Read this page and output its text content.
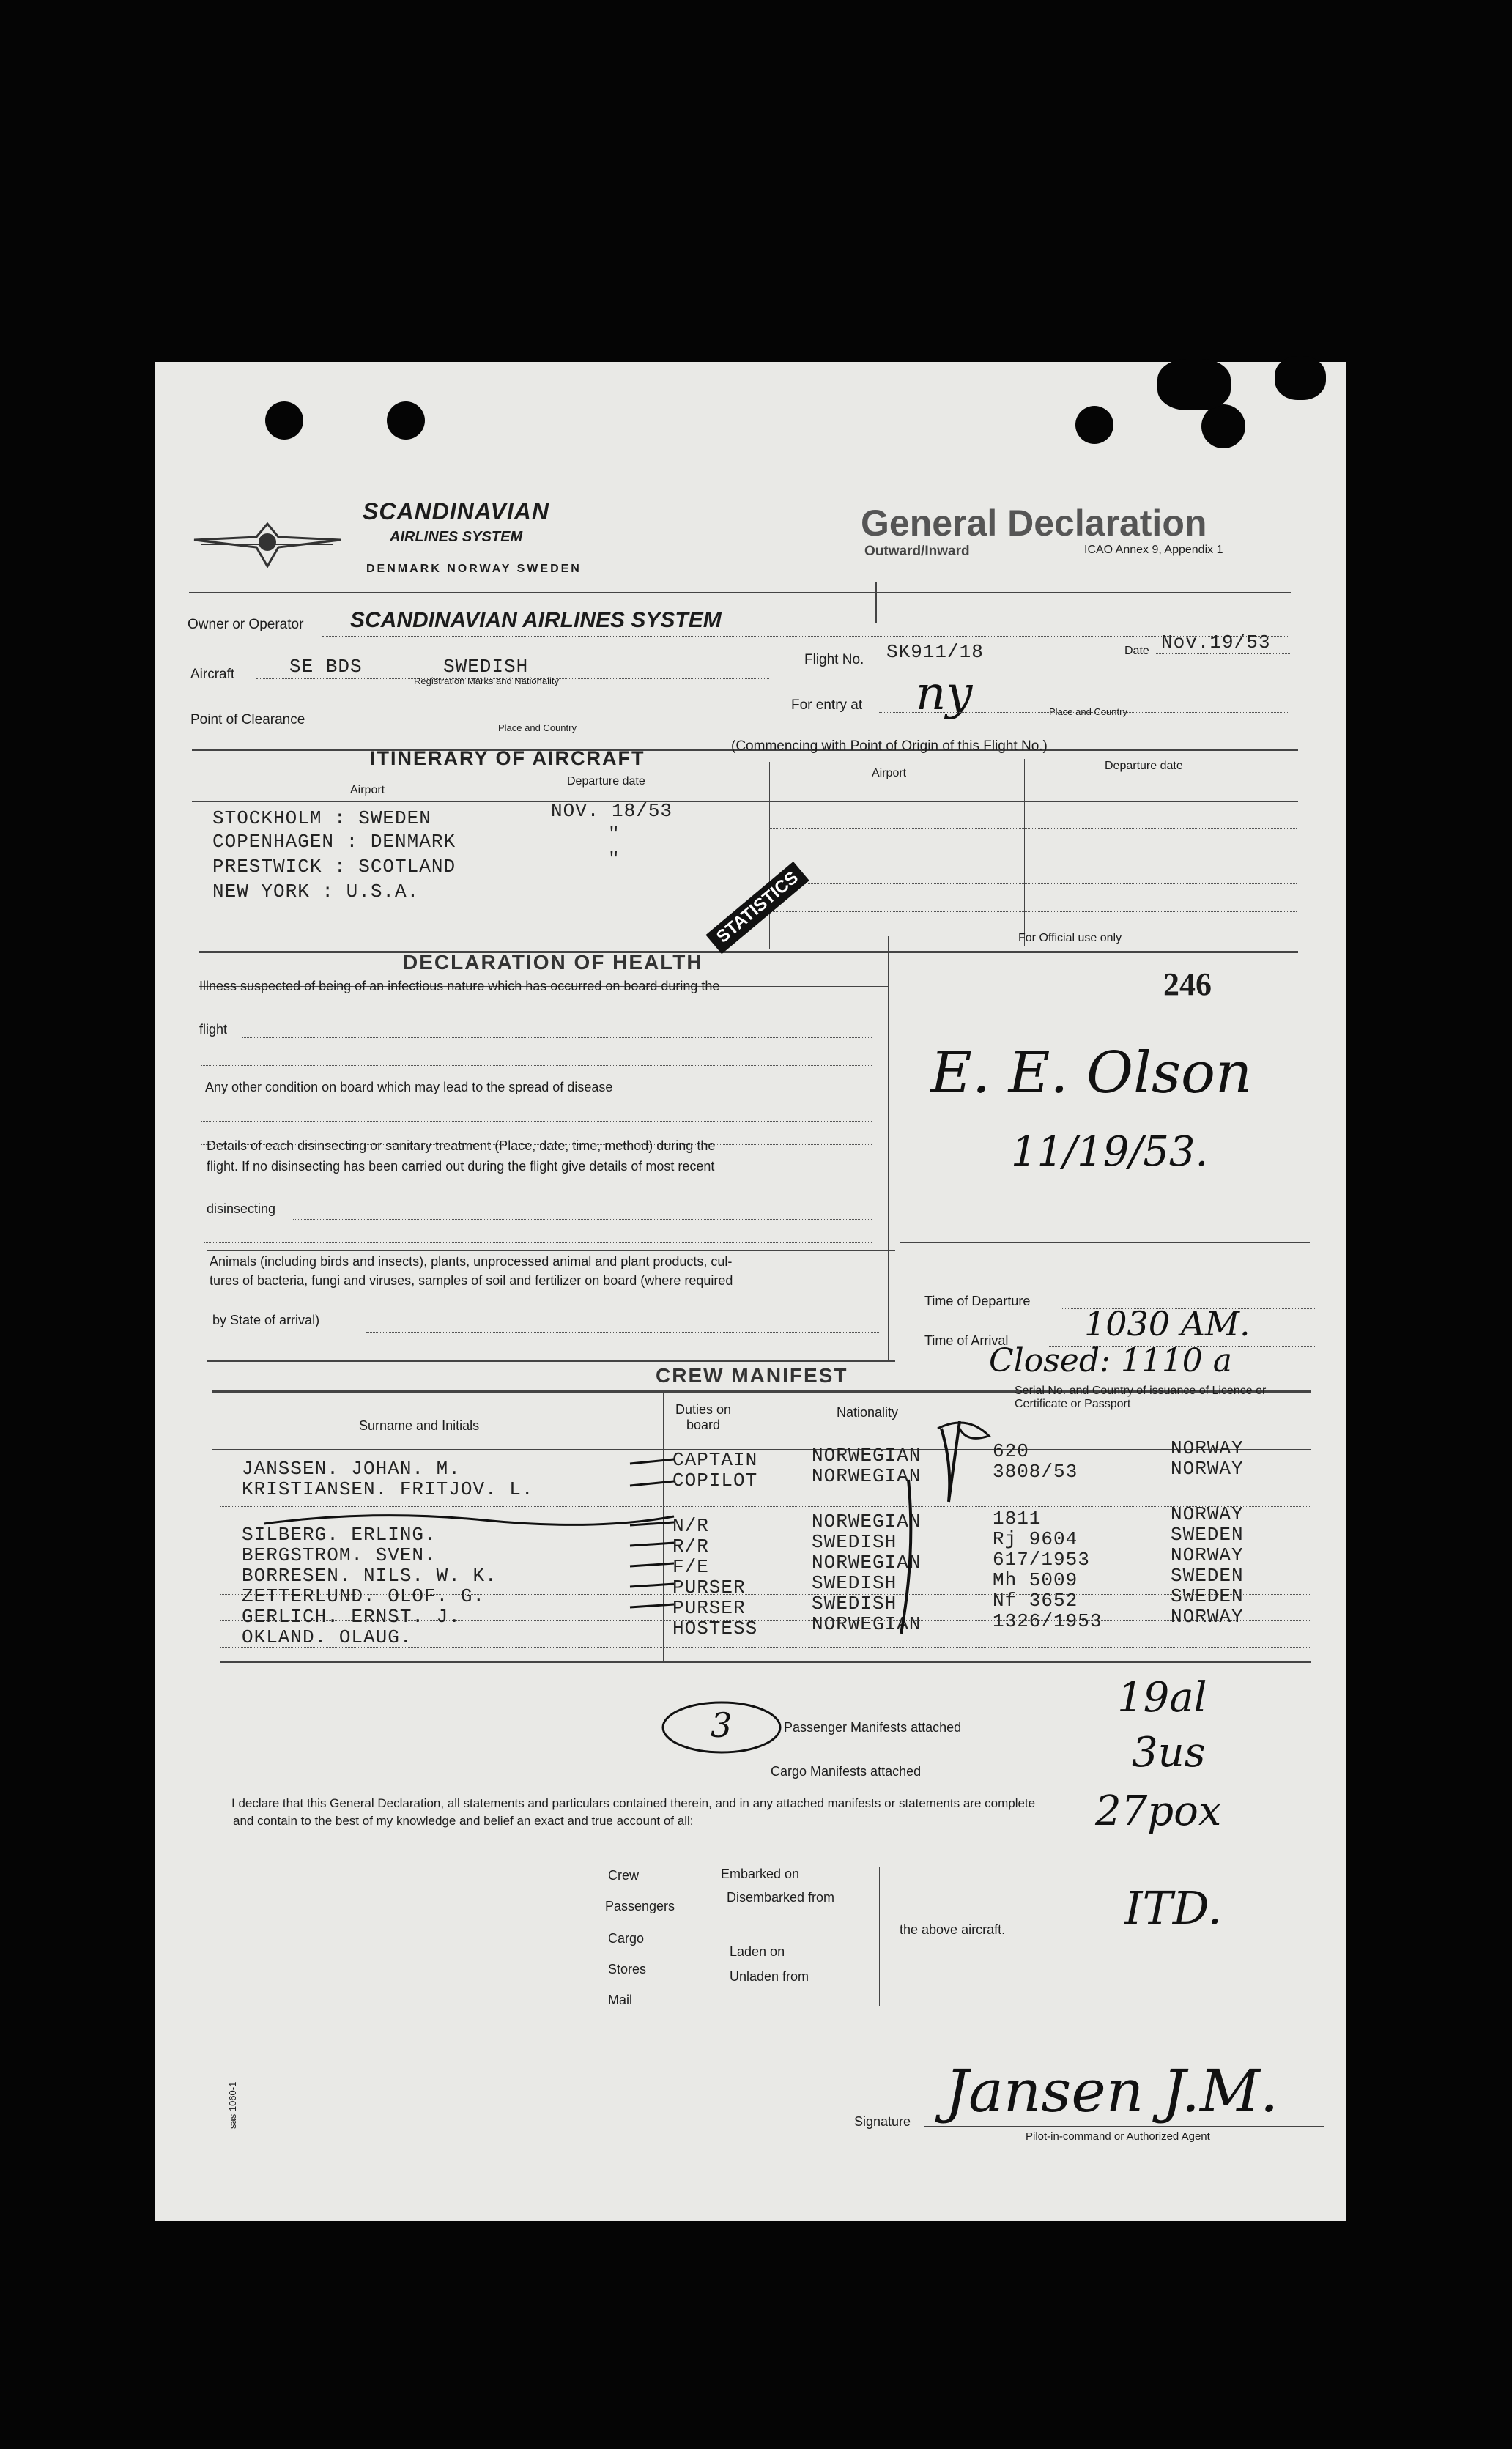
SCANDINAVIAN
AIRLINES SYSTEM
DENMARK NORWAY SWEDEN
General Declaration
Outward/Inward	ICAO Annex 9, Appendix 1
Owner or Operator SCANDINAVIAN AIRLINES SYSTEM
Aircraft	SE BDS	SWEDISH
Registration Marks and Nationality
Flight No. SK911/18	Date Nov.19/53
Point of Clearance
Place and Country
For entry at ny	Place and Country
ITINERARY OF AIRCRAFT
(Commencing with Point of Origin of this Flight No.)
Airport
Departure date
Airport
Departure date
STOCKHOLM : SWEDEN	NOV. 18/53
COPENHAGEN : DENMARK	"
PRESTWICK : SCOTLAND	"
NEW YORK : U.S.A.
For Official use only
DECLARATION OF HEALTH
STATISTICS
Illness suspected of being of an infectious nature which has occurred on board during the
flight
Any other condition on board which may lead to the spread of disease
Details of each disinsecting or sanitary treatment (Place, date, time, method) during the
flight. If no disinsecting has been carried out during the flight give details of most recent
disinsecting
Animals (including birds and insects), plants, unprocessed animal and plant products, cul-
tures of bacteria, fungi and viruses, samples of soil and fertilizer on board (where required
by State of arrival)
246
E. E. Olson
11/19/53.
Time of Departure
Time of Arrival 1030 AM.
Closed: 1110 a
CREW MANIFEST
Surname and Initials
Duties on board
Nationality
Serial No. and Country of issuance of Licence or Certificate or Passport
JANSSEN. JOHAN. M.	CAPTAIN	NORWEGIAN	620	NORWAY
KRISTIANSEN. FRITJOV. L.	COPILOT	NORWEGIAN	3808/53	NORWAY
SILBERG. ERLING.	N/R	NORWEGIAN	1811	NORWAY
BERGSTROM. SVEN.	R/R	SWEDISH	Rj 9604	SWEDEN
BORRESEN. NILS. W. K.	F/E	NORWEGIAN	617/1953	NORWAY
ZETTERLUND. OLOF. G.	PURSER	SWEDISH	Mh 5009	SWEDEN
GERLICH. ERNST. J.	PURSER	SWEDISH	Nf 3652	SWEDEN
OKLAND. OLAUG.	HOSTESS	NORWEGIAN	1326/1953	NORWAY
3	Passenger Manifests attached
Cargo Manifests attached
19al
3us
27pox
ITD.
I declare that this General Declaration, all statements and particulars contained therein, and in any attached manifests or statements are complete
and contain to the best of my knowledge and belief an exact and true account of all:
Crew
Passengers
Cargo
Stores
Mail
Embarked on
Disembarked from
Laden on
Unladen from
the above aircraft.
Signature Jansen J.M.
Pilot-in-command or Authorized Agent
sas 1060-1
